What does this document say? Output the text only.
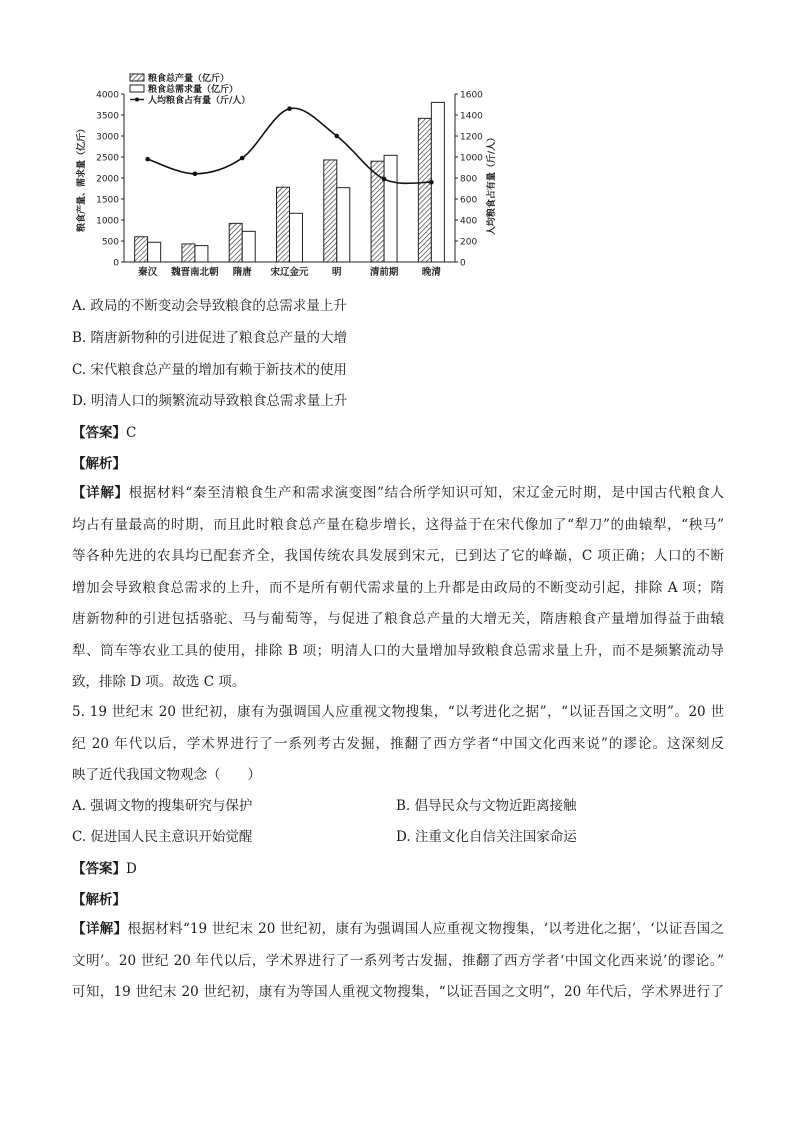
粮食总产量（亿斤）
粮食总需求量（亿斤）
人均粮食占有量（斤/人）
0
500
1000
1500
2000
2500
3000
3500
4000
0
200
400
600
800
1000
1200
1400
1600
粮食产量、需求量（亿斤）	人均粮食占有量（斤/人）
秦汉 魏晋南北朝 隋唐 宋辽金元 明	清前期 晚清
A. 政局的不断变动会导致粮食的总需求量上升
B. 隋唐新物种的引进促进了粮食总产量的大增
C. 宋代粮食总产量的增加有赖于新技术的使用
D. 明清人口的频繁流动导致粮食总需求量上升
【答案】C
【解析】
【详解】根据材料“秦至清粮食生产和需求演变图”结合所学知识可知，宋辽金元时期，是中国古代粮食人
均占有量最高的时期，而且此时粮食总产量在稳步增长，这得益于在宋代像加了“犁刀”的曲辕犁，“秧马”
等各种先进的农具均已配套齐全，我国传统农具发展到宋元，已到达了它的峰巅，C 项正确；人口的不断
增加会导致粮食总需求的上升，而不是所有朝代需求量的上升都是由政局的不断变动引起，排除 A 项；隋
唐新物种的引进包括骆驼、马与葡萄等，与促进了粮食总产量的大增无关，隋唐粮食产量增加得益于曲辕
犁、筒车等农业工具的使用，排除 B 项；明清人口的大量增加导致粮食总需求量上升，而不是频繁流动导
致，排除 D 项。故选 C 项。
5. 19 世纪末 20 世纪初，康有为强调国人应重视文物搜集，“以考进化之据”，“以证吾国之文明”。20 世
纪 20 年代以后，学术界进行了一系列考古发掘，推翻了西方学者“中国文化西来说”的谬论。这深刻反
映了近代我国文物观念（　　）
A. 强调文物的搜集研究与保护	B. 倡导民众与文物近距离接触
C. 促进国人民主意识开始觉醒	D. 注重文化自信关注国家命运
【答案】D
【解析】
【详解】根据材料“19 世纪末 20 世纪初，康有为强调国人应重视文物搜集，‘以考进化之据’，‘以证吾国之
文明’。20 世纪 20 年代以后，学术界进行了一系列考古发掘，推翻了西方学者‘中国文化西来说’的谬论。”
可知，19 世纪末 20 世纪初，康有为等国人重视文物搜集，“以证吾国之文明”，20 年代后，学术界进行了
